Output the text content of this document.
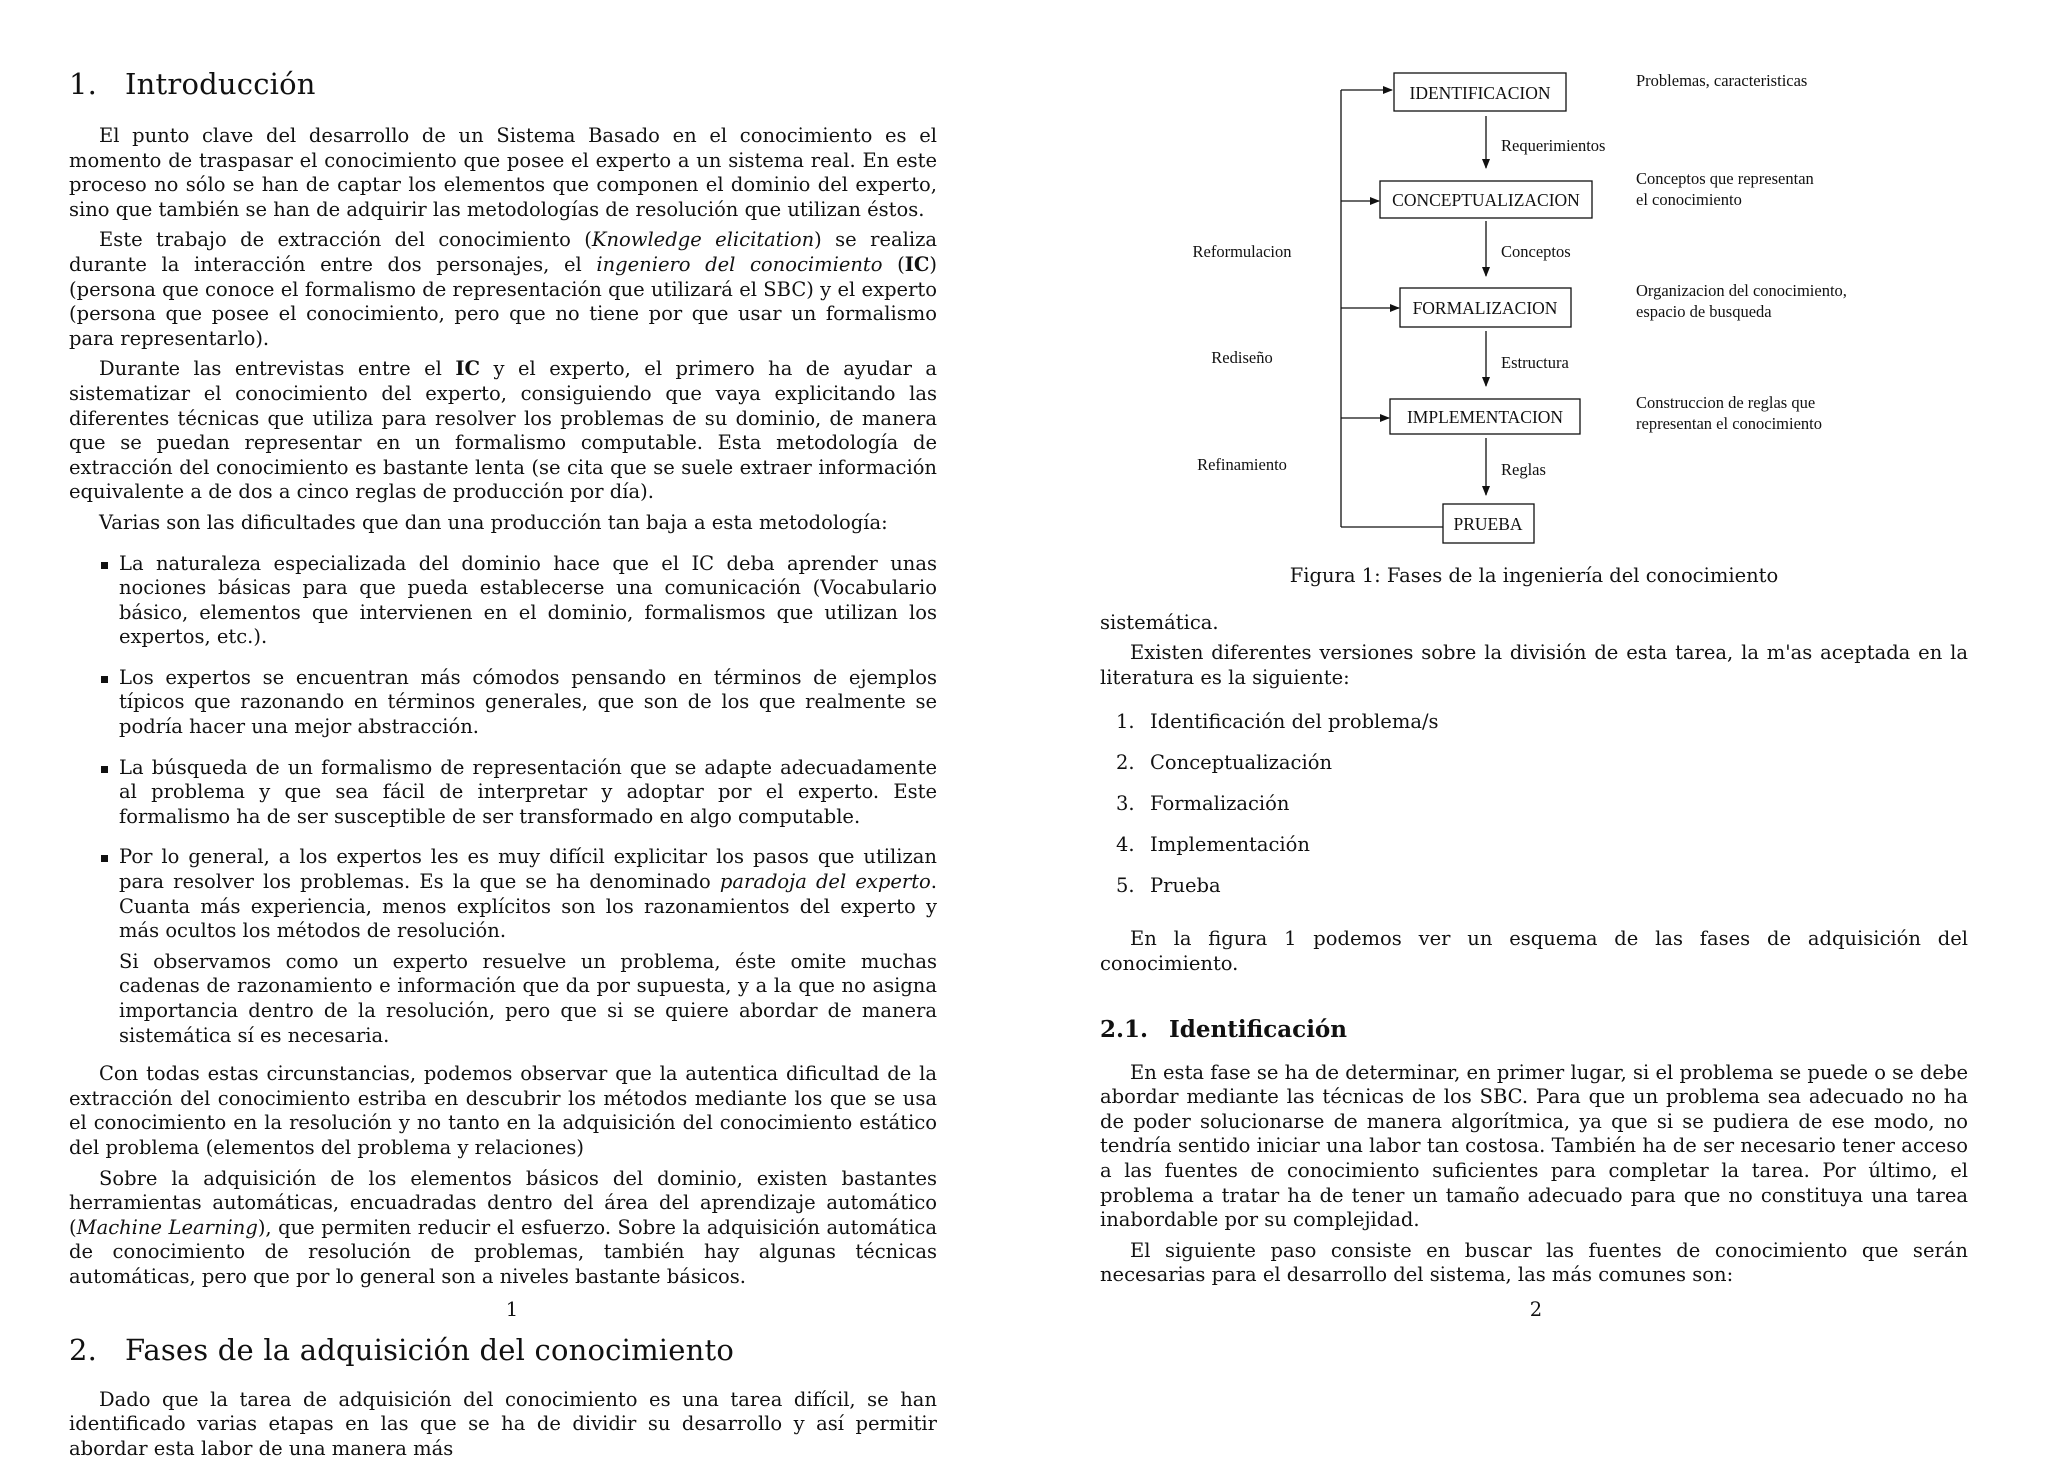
1. Introducción

El punto clave del desarrollo de un Sistema Basado en el conocimiento es el momento de traspasar el conocimiento que posee el experto a un sistema real. En este proceso no sólo se han de captar los elementos que componen el dominio del experto, sino que también se han de adquirir las metodologías de resolución que utilizan éstos.

Este trabajo de extracción del conocimiento (Knowledge elicitation) se realiza durante la interacción entre dos personajes, el ingeniero del conocimiento (IC) (persona que conoce el formalismo de representación que utilizará el SBC) y el experto (persona que posee el conocimiento, pero que no tiene por que usar un formalismo para representarlo).

Durante las entrevistas entre el IC y el experto, el primero ha de ayudar a sistematizar el conocimiento del experto, consiguiendo que vaya explicitando las diferentes técnicas que utiliza para resolver los problemas de su dominio, de manera que se puedan representar en un formalismo computable. Esta metodología de extracción del conocimiento es bastante lenta (se cita que se suele extraer información equivalente a de dos a cinco reglas de producción por día).

Varias son las dificultades que dan una producción tan baja a esta metodología:

La naturaleza especializada del dominio hace que el IC deba aprender unas nociones básicas para que pueda establecerse una comunicación (Vocabulario básico, elementos que intervienen en el dominio, formalismos que utilizan los expertos, etc.).
Los expertos se encuentran más cómodos pensando en términos de ejemplos típicos que razonando en términos generales, que son de los que realmente se podría hacer una mejor abstracción.
La búsqueda de un formalismo de representación que se adapte adecuadamente al problema y que sea fácil de interpretar y adoptar por el experto. Este formalismo ha de ser susceptible de ser transformado en algo computable.
Por lo general, a los expertos les es muy difícil explicitar los pasos que utilizan para resolver los problemas. Es la que se ha denominado paradoja del experto. Cuanta más experiencia, menos explícitos son los razonamientos del experto y más ocultos los métodos de resolución.

Si observamos como un experto resuelve un problema, éste omite muchas cadenas de razonamiento e información que da por supuesta, y a la que no asigna importancia dentro de la resolución, pero que si se quiere abordar de manera sistemática sí es necesaria.

Con todas estas circunstancias, podemos observar que la autentica dificultad de la extracción del conocimiento estriba en descubrir los métodos mediante los que se usa el conocimiento en la resolución y no tanto en la adquisición del conocimiento estático del problema (elementos del problema y relaciones)

Sobre la adquisición de los elementos básicos del dominio, existen bastantes herramientas automáticas, encuadradas dentro del área del aprendizaje automático (Machine Learning), que permiten reducir el esfuerzo. Sobre la adquisición automática de conocimiento de resolución de problemas, también hay algunas técnicas automáticas, pero que por lo general son a niveles bastante básicos.

2. Fases de la adquisición del conocimiento

Dado que la tarea de adquisición del conocimiento es una tarea difícil, se han identificado varias etapas en las que se ha de dividir su desarrollo y así permitir abordar esta labor de una manera más

1
IDENTIFICACION
CONCEPTUALIZACION
FORMALIZACION
IMPLEMENTACION
PRUEBA
Requerimientos
Conceptos
Estructura
Reglas
Reformulacion
Rediseño
Refinamiento
Problemas, caracteristicas
Conceptos que representan
el conocimiento
Organizacion del conocimiento,
espacio de busqueda
Construccion de reglas que
representan el conocimiento
Figura 1: Fases de la ingeniería del conocimiento

sistemática.

Existen diferentes versiones sobre la división de esta tarea, la m'as aceptada en la literatura es la siguiente:

1. Identificación del problema/s
2. Conceptualización
3. Formalización
4. Implementación
5. Prueba

En la figura 1 podemos ver un esquema de las fases de adquisición del conocimiento.

2.1. Identificación

En esta fase se ha de determinar, en primer lugar, si el problema se puede o se debe abordar mediante las técnicas de los SBC. Para que un problema sea adecuado no ha de poder solucionarse de manera algorítmica, ya que si se pudiera de ese modo, no tendría sentido iniciar una labor tan costosa. También ha de ser necesario tener acceso a las fuentes de conocimiento suficientes para completar la tarea. Por último, el problema a tratar ha de tener un tamaño adecuado para que no constituya una tarea inabordable por su complejidad.

El siguiente paso consiste en buscar las fuentes de conocimiento que serán necesarias para el desarrollo del sistema, las más comunes son:

2
